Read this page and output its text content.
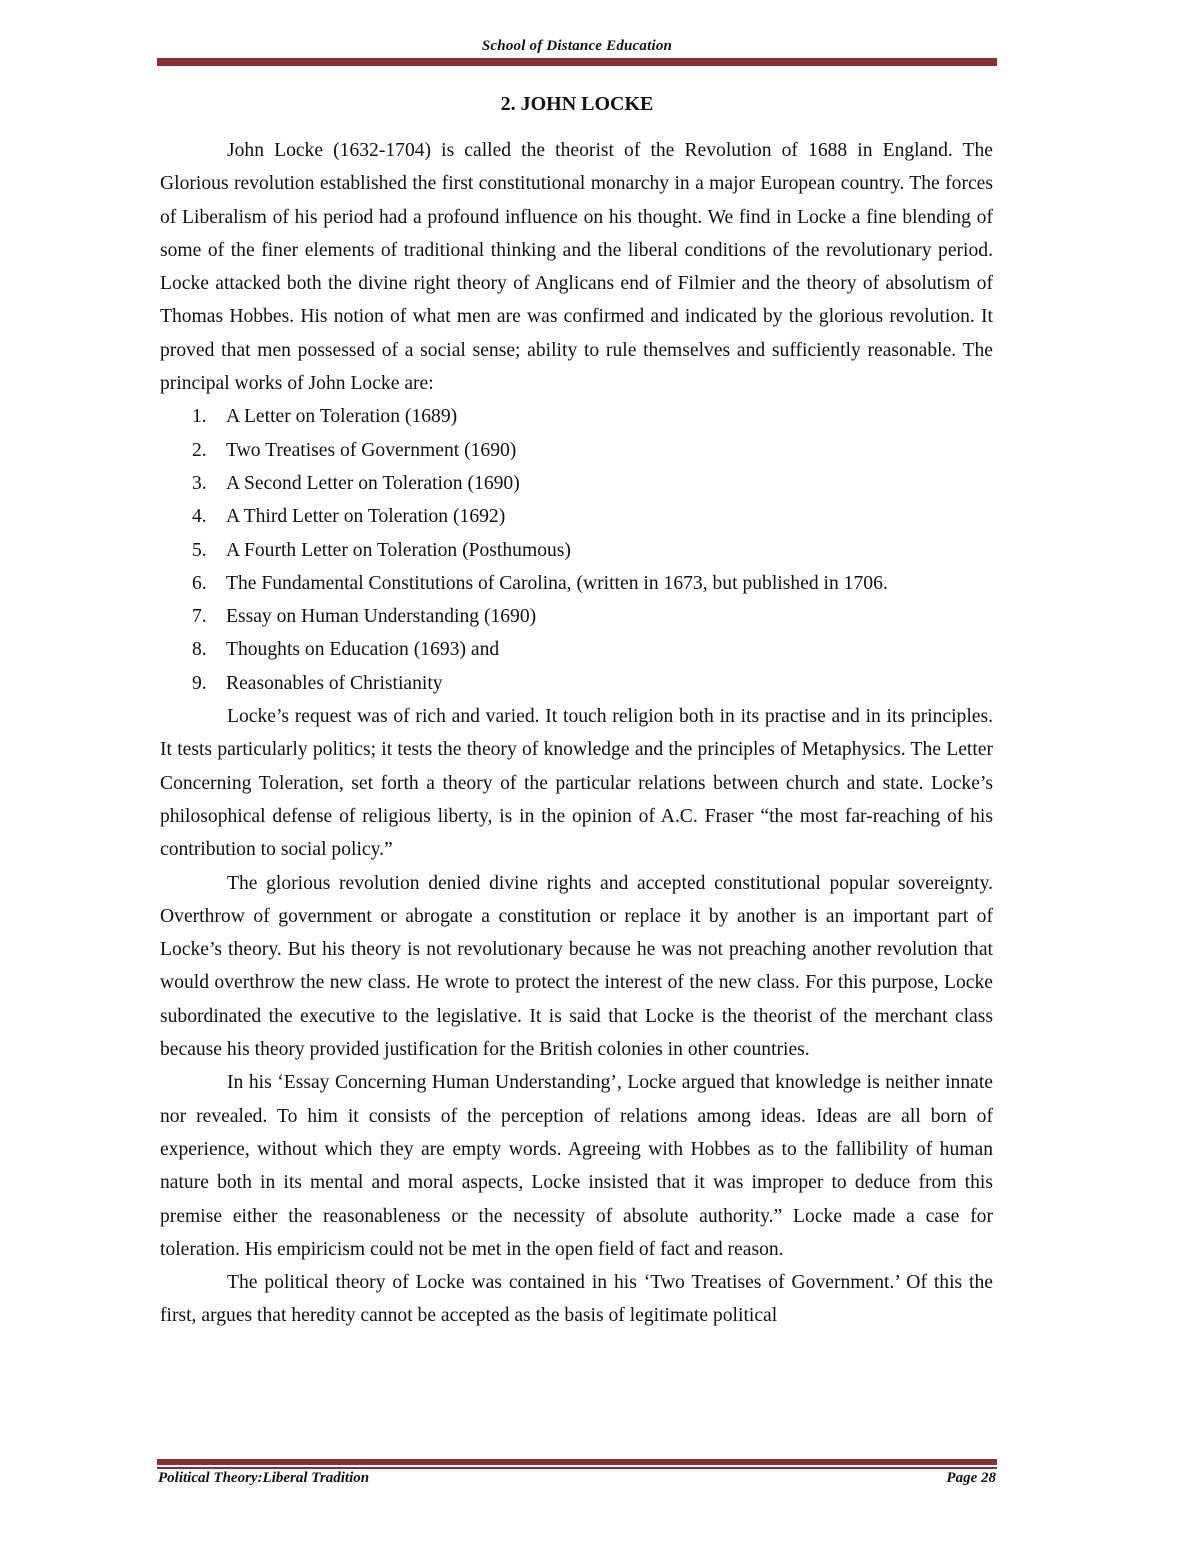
School of Distance Education
2. JOHN LOCKE

John Locke (1632-1704) is called the theorist of the Revolution of 1688 in England. The Glorious revolution established the first constitutional monarchy in a major European country. The forces of Liberalism of his period had a profound influence on his thought. We find in Locke a fine blending of some of the finer elements of traditional thinking and the liberal conditions of the revolutionary period. Locke attacked both the divine right theory of Anglicans end of Filmier and the theory of absolutism of Thomas Hobbes. His notion of what men are was confirmed and indicated by the glorious revolution. It proved that men possessed of a social sense; ability to rule themselves and sufficiently reasonable. The principal works of John Locke are:

1. A Letter on Toleration (1689)
2. Two Treatises of Government (1690)
3. A Second Letter on Toleration (1690)
4. A Third Letter on Toleration (1692)
5. A Fourth Letter on Toleration (Posthumous)
6. The Fundamental Constitutions of Carolina, (written in 1673, but published in 1706.
7. Essay on Human Understanding (1690)
8. Thoughts on Education (1693) and
9. Reasonables of Christianity

Locke’s request was of rich and varied. It touch religion both in its practise and in its principles. It tests particularly politics; it tests the theory of knowledge and the principles of Metaphysics. The Letter Concerning Toleration, set forth a theory of the particular relations between church and state. Locke’s philosophical defense of religious liberty, is in the opinion of A.C. Fraser “the most far-reaching of his contribution to social policy.”

The glorious revolution denied divine rights and accepted constitutional popular sovereignty. Overthrow of government or abrogate a constitution or replace it by another is an important part of Locke’s theory. But his theory is not revolutionary because he was not preaching another revolution that would overthrow the new class. He wrote to protect the interest of the new class. For this purpose, Locke subordinated the executive to the legislative. It is said that Locke is the theorist of the merchant class because his theory provided justification for the British colonies in other countries.

In his ‘Essay Concerning Human Understanding’, Locke argued that knowledge is neither innate nor revealed. To him it consists of the perception of relations among ideas. Ideas are all born of experience, without which they are empty words. Agreeing with Hobbes as to the fallibility of human nature both in its mental and moral aspects, Locke insisted that it was improper to deduce from this premise either the reasonableness or the necessity of absolute authority.” Locke made a case for toleration. His empiricism could not be met in the open field of fact and reason.

The political theory of Locke was contained in his ‘Two Treatises of Government.’ Of this the first, argues that heredity cannot be accepted as the basis of legitimate political

Political Theory:Liberal Tradition	Page 28
